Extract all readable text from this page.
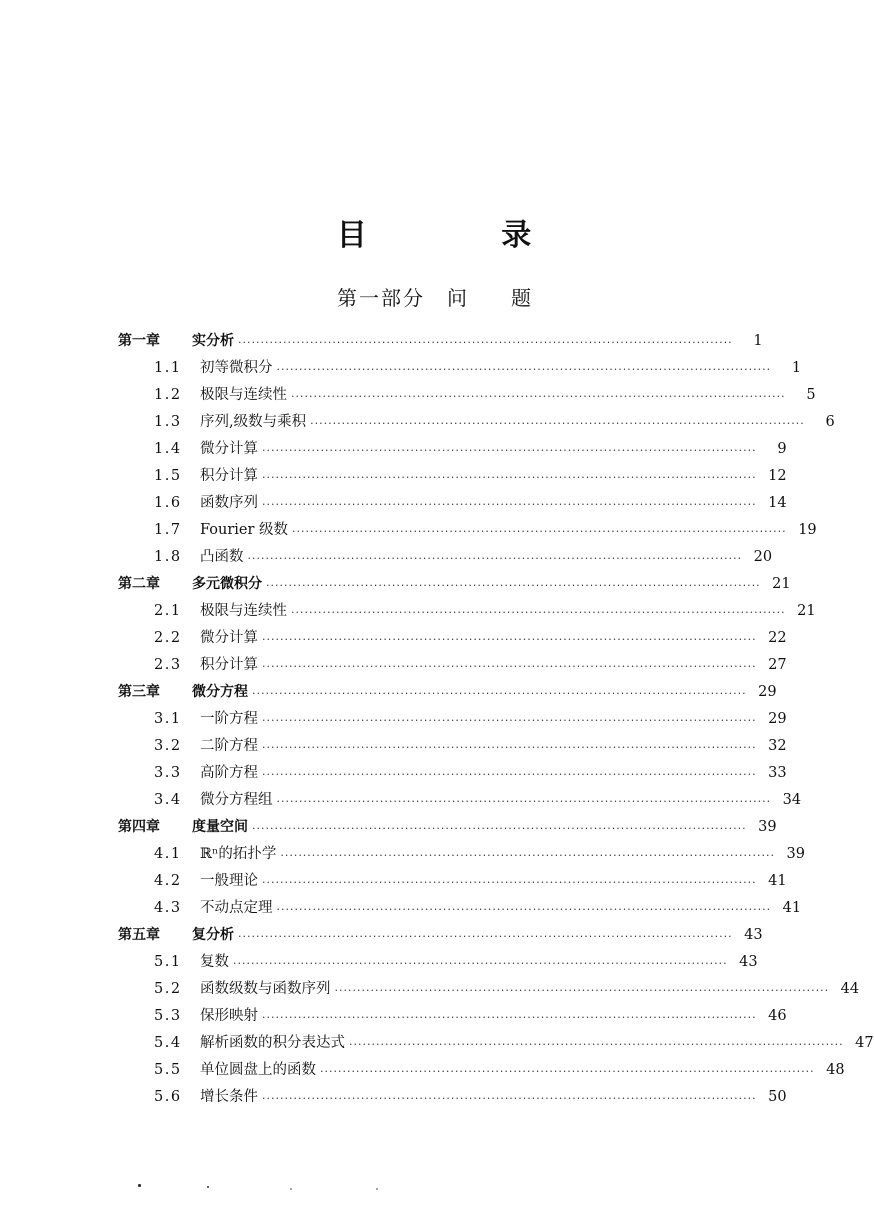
目 录
第一部分 问 题
第一章	实分析 ··············································································································	1
1.1	初等微积分 ··············································································································	1
1.2	极限与连续性 ··············································································································	5
1.3	序列,级数与乘积 ··············································································································	6
1.4	微分计算 ··············································································································	9
1.5	积分计算 ·············································································································· 12
1.6	函数序列 ·············································································································· 14
1.7	Fourier 级数 ·············································································································· 19
1.8	凸函数 ·············································································································· 20
第二章	多元微积分 ·············································································································· 21
2.1	极限与连续性 ·············································································································· 21
2.2	微分计算 ·············································································································· 22
2.3	积分计算 ·············································································································· 27
第三章	微分方程 ·············································································································· 29
3.1	一阶方程 ·············································································································· 29
3.2	二阶方程 ·············································································································· 32
3.3	高阶方程 ·············································································································· 33
3.4	微分方程组 ·············································································································· 34
第四章	度量空间 ·············································································································· 39
4.1	ℝⁿ的拓扑学 ·············································································································· 39
4.2	一般理论 ·············································································································· 41
4.3	不动点定理 ·············································································································· 41
第五章	复分析 ·············································································································· 43
5.1	复数 ·············································································································· 43
5.2	函数级数与函数序列 ·············································································································· 44
5.3	保形映射 ·············································································································· 46
5.4	解析函数的积分表达式 ·············································································································· 47
5.5	单位圆盘上的函数 ·············································································································· 48
5.6	增长条件 ·············································································································· 50
